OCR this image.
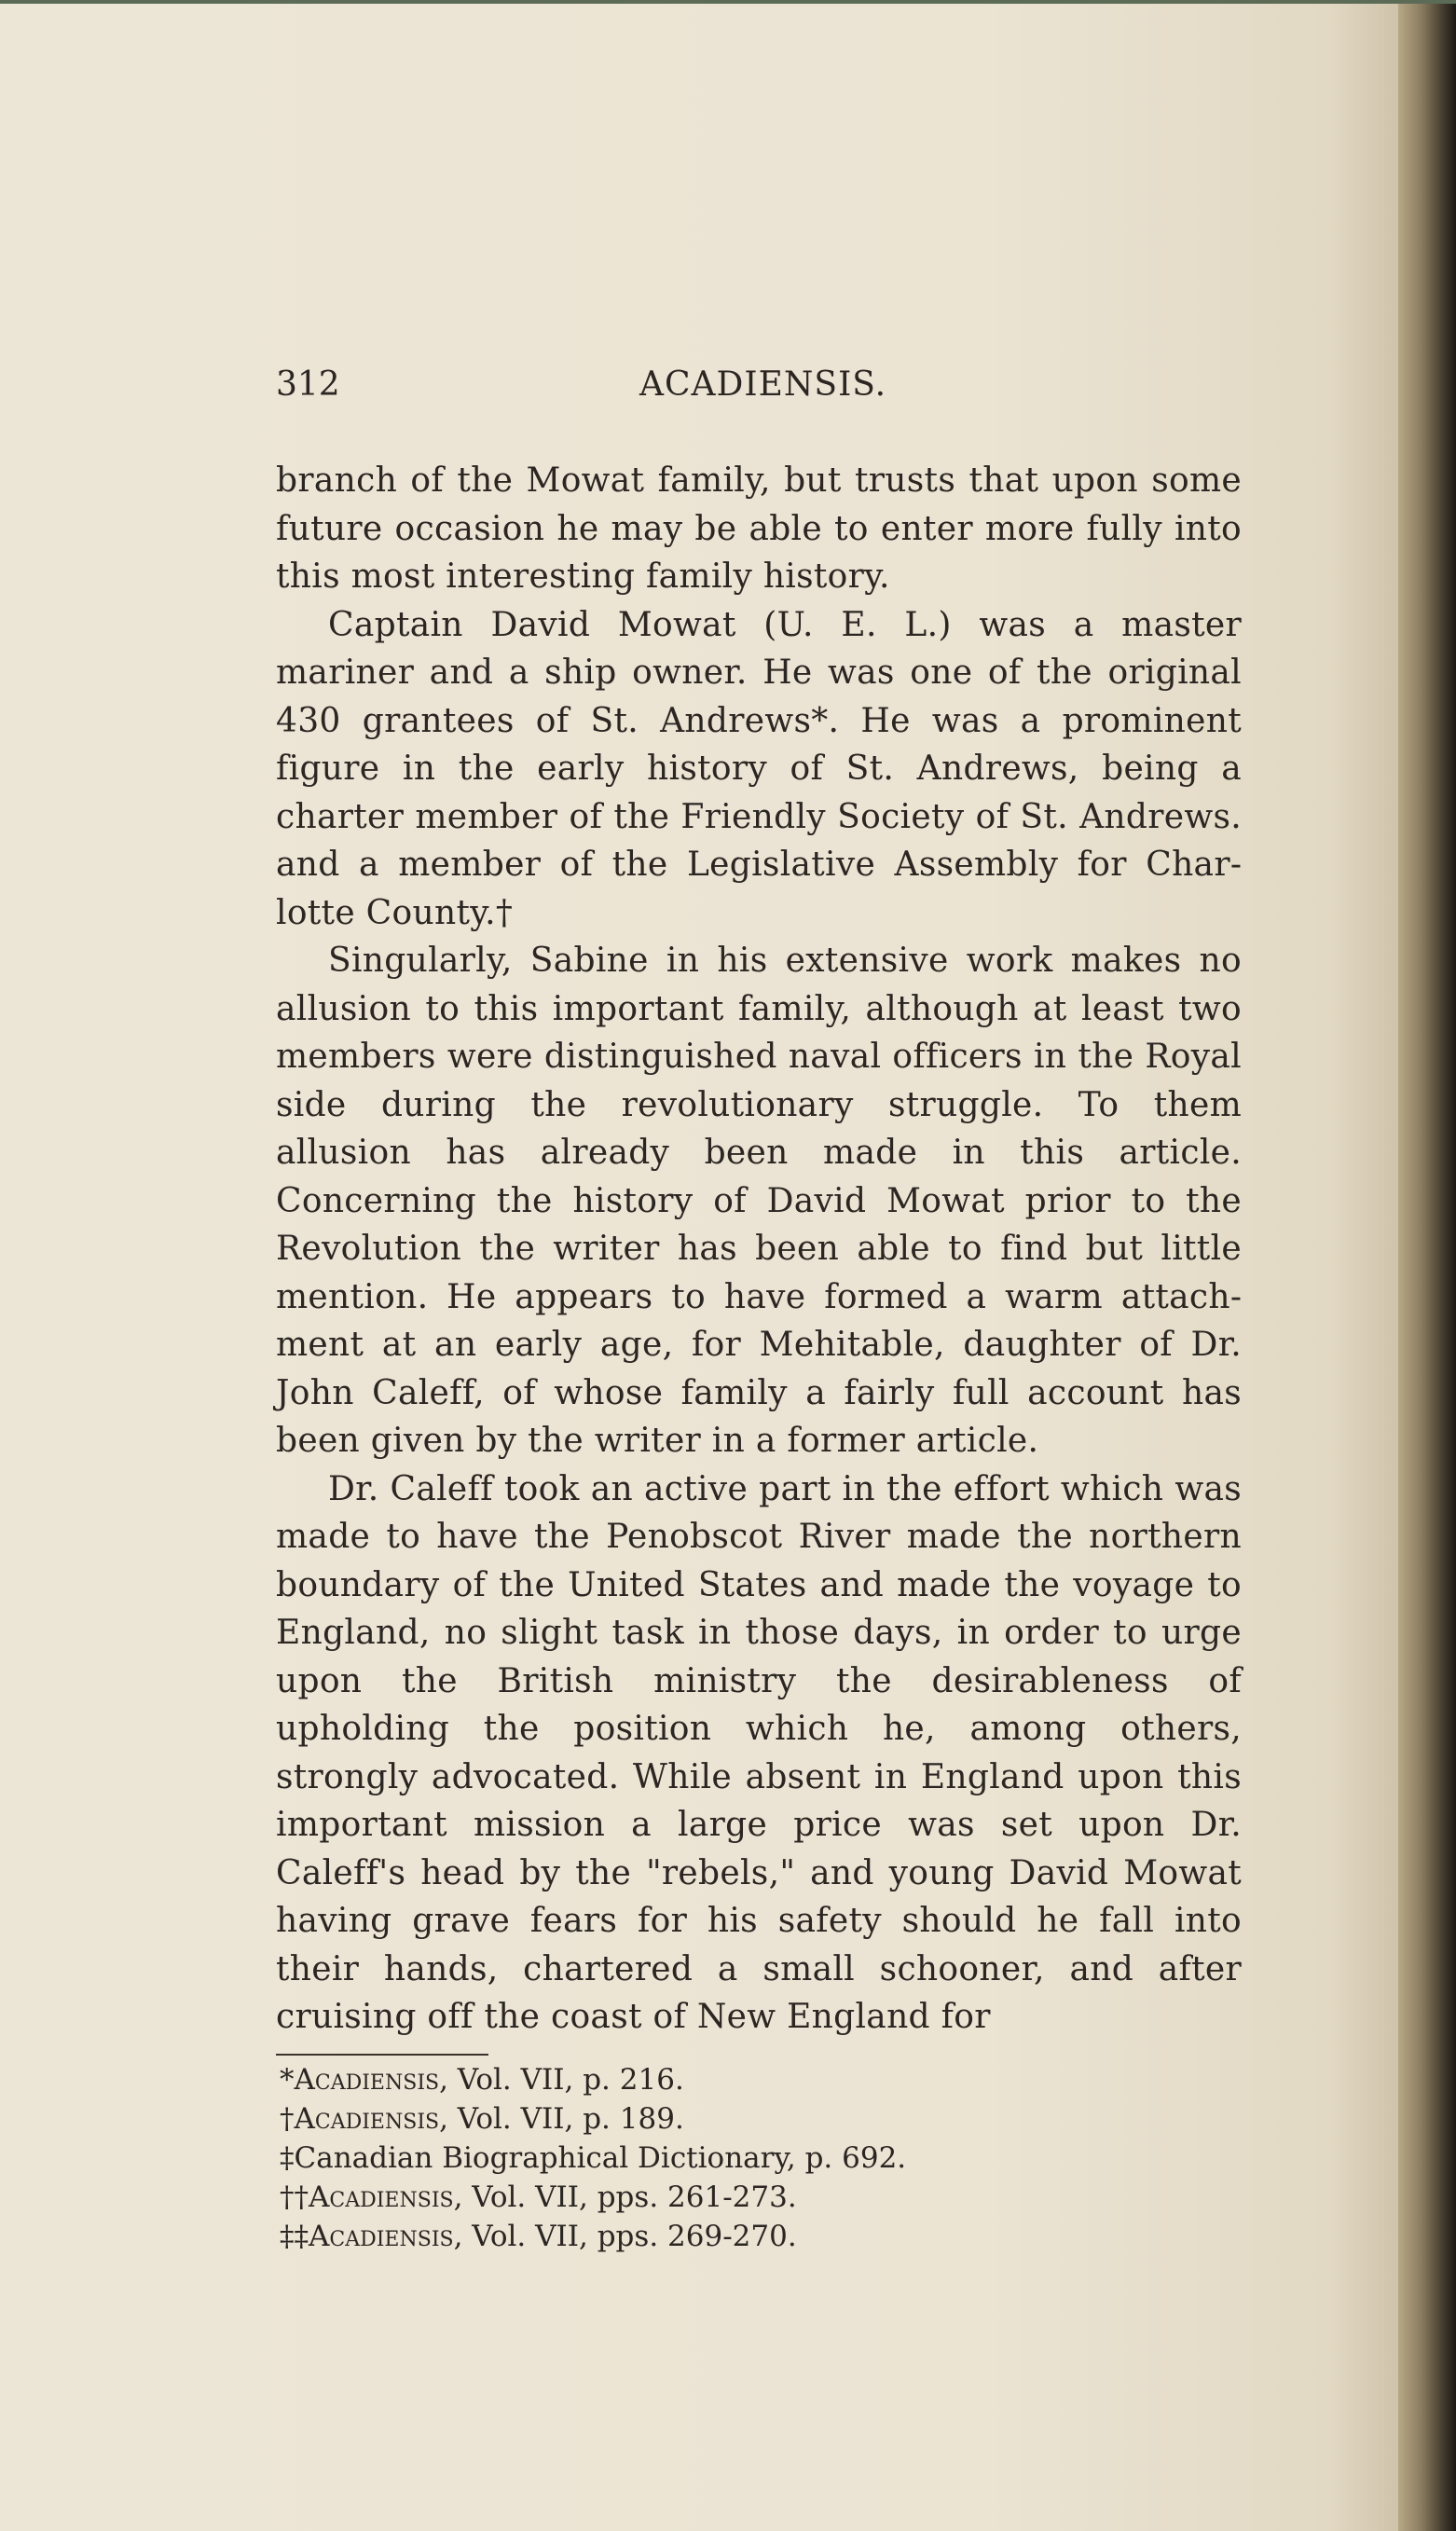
312	ACADIENSIS.

branch of the Mowat family, but trusts that upon some future occasion he may be able to enter more fully into this most interesting family history.

Captain David Mowat (U. E. L.) was a master mariner and a ship owner. He was one of the original 430 grantees of St. Andrews*. He was a prominent figure in the early history of St. Andrews, being a charter member of the Friendly Society of St. Andrews. and a member of the Legislative Assembly for Charlotte County.†

Singularly, Sabine in his extensive work makes no allusion to this important family, although at least two members were distinguished naval officers in the Royal side during the revolutionary struggle. To them allusion has already been made in this article. Concerning the history of David Mowat prior to the Revolution the writer has been able to find but little mention. He appears to have formed a warm attachment at an early age, for Mehitable, daughter of Dr. John Caleff, of whose family a fairly full account has been given by the writer in a former article.

Dr. Caleff took an active part in the effort which was made to have the Penobscot River made the northern boundary of the United States and made the voyage to England, no slight task in those days, in order to urge upon the British ministry the desirableness of upholding the position which he, among others, strongly advocated. While absent in England upon this important mission a large price was set upon Dr. Caleff's head by the "rebels," and young David Mowat having grave fears for his safety should he fall into their hands, chartered a small schooner, and after cruising off the coast of New England for

*Acadiensis, Vol. VII, p. 216.
†Acadiensis, Vol. VII, p. 189.
‡Canadian Biographical Dictionary, p. 692.
††Acadiensis, Vol. VII, pps. 261-273.
‡‡Acadiensis, Vol. VII, pps. 269-270.
